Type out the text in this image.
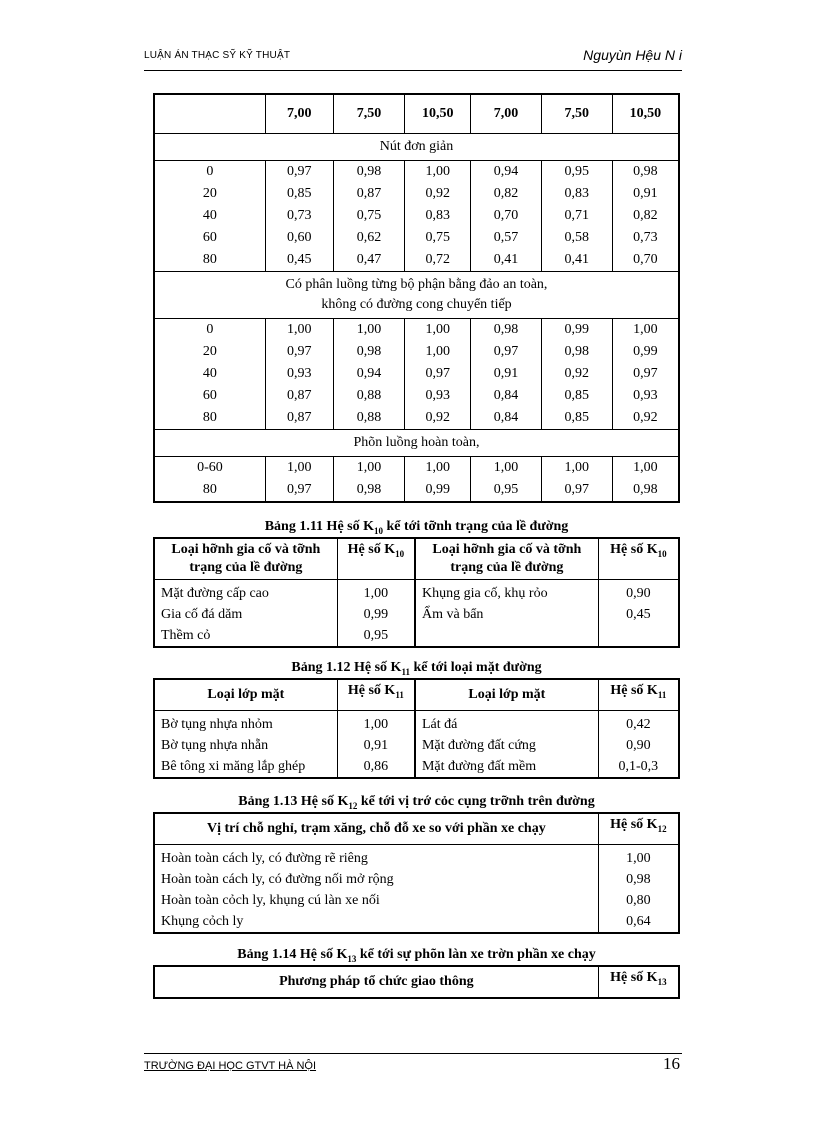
LUẬN ÁN THẠC SỸ KỸ THUẬT	Nguyùn Hệu N i
	7,00	7,50	10,50	7,00	7,50	10,50

Nút đơn giản						

0	0,97	0,98	1,00	0,94	0,95	0,98
20	0,85	0,87	0,92	0,82	0,83	0,91
40	0,73	0,75	0,83	0,70	0,71	0,82
60	0,60	0,62	0,75	0,57	0,58	0,73
80	0,45	0,47	0,72	0,41	0,41	0,70

Có phân luồng từng bộ phận bằng đảo an toàn,
không có đường cong chuyển tiếp						

0	1,00	1,00	1,00	0,98	0,99	1,00
20	0,97	0,98	1,00	0,97	0,98	0,99
40	0,93	0,94	0,97	0,91	0,92	0,97
60	0,87	0,88	0,93	0,84	0,85	0,93
80	0,87	0,88	0,92	0,84	0,85	0,92

Phõn luồng hoàn toàn,						

0-60	1,00	1,00	1,00	1,00	1,00	1,00
80	0,97	0,98	0,99	0,95	0,97	0,98
Bảng 1.11 Hệ số $K_{10}$ kể tới tỡnh trạng của lề đường
Loại hỡnh gia cố và tỡnh
trạng của lề đường	Hệ số $K_{10}$	Loại hỡnh gia cố và tỡnh
trạng của lề đường	Hệ số $K_{10}$
Mặt đường cấp cao	1,00	Khụng gia cố, khụ rỏo	0,90
Gia cố đá dăm	0,99	Ẩm và bẩn	0,45
Thềm cỏ	0,95		
Bảng 1.12 Hệ số $K_{11}$ kể tới loại mặt đường
Loại lớp mặt	Hệ số $K_{11}$	Loại lớp mặt	Hệ số $K_{11}$
Bờ tụng nhựa nhỏm	1,00	Lát đá	0,42
Bờ tụng nhựa nhẵn	0,91	Mặt đường đất cứng	0,90
Bê tông xi măng lắp ghép	0,86	Mặt đường đất mềm	0,1-0,3
Bảng 1.13 Hệ số $K_{12}$ kể tới vị trớ cỏc cụng trỡnh trên đường
Vị trí chỗ nghỉ, trạm xăng, chỗ đỗ xe so với phần xe chạy	Hệ số $K_{12}$
Hoàn toàn cách ly, có đường rẽ riêng	1,00
Hoàn toàn cách ly, có đường nối mở rộng	0,98
Hoàn toàn cỏch ly, khụng cú làn xe nối	0,80
Khụng cỏch ly	0,64
Bảng 1.14 Hệ số $K_{13}$ kể tới sự phõn làn xe trờn phần xe chạy
Phương pháp tổ chức giao thông	Hệ số $K_{13}$
TRƯỜNG ĐẠI HỌC GTVT HÀ NỘI	16
